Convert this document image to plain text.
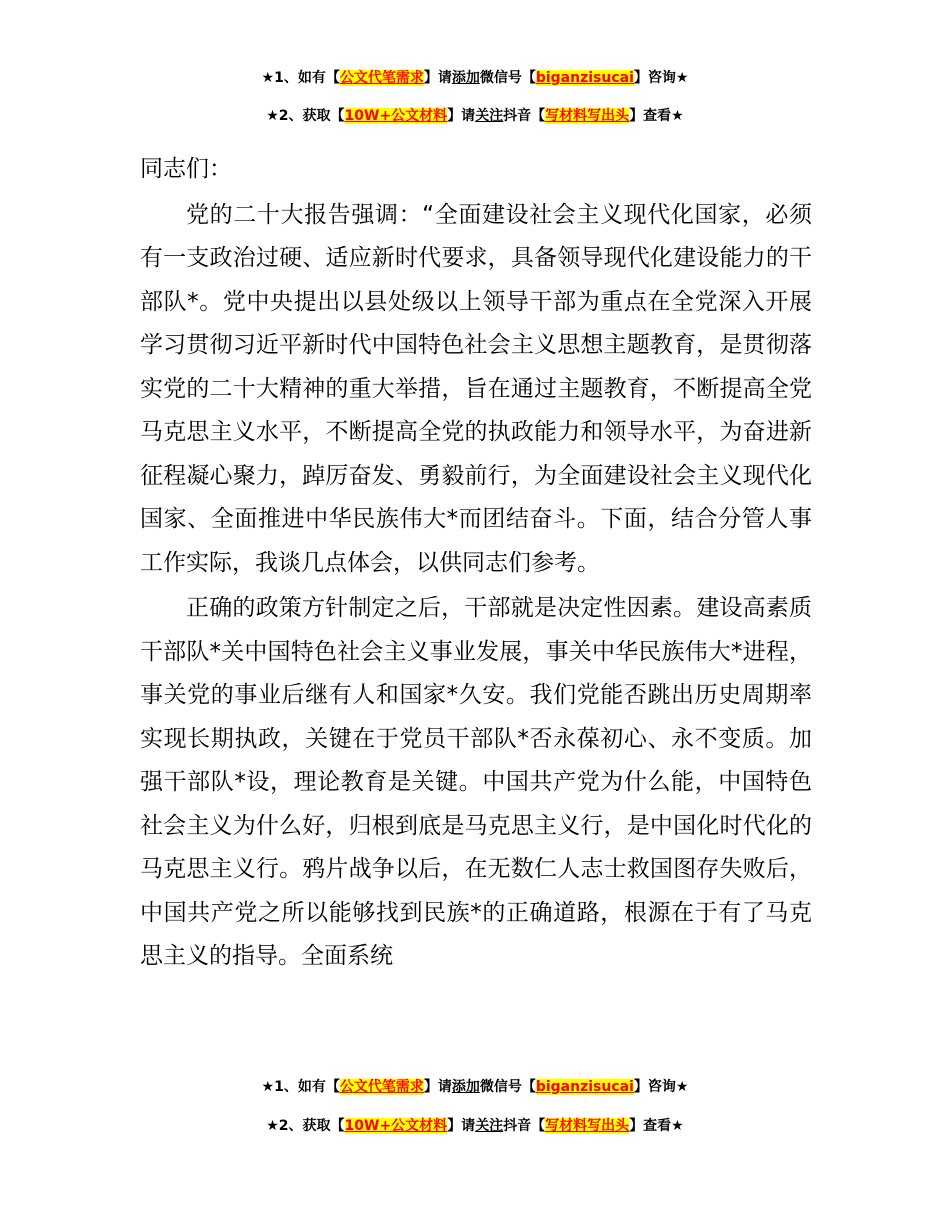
★1、如有【公文代笔需求】请添加微信号【biganzisucai】咨询★
★2、获取【10W+公文材料】请关注抖音【写材料写出头】查看★

同志们：

党的二十大报告强调：“全面建设社会主义现代化国家，必须有一支政治过硬、适应新时代要求，具备领导现代化建设能力的干部队*。党中央提出以县处级以上领导干部为重点在全党深入开展学习贯彻习近平新时代中国特色社会主义思想主题教育，是贯彻落实党的二十大精神的重大举措，旨在通过主题教育，不断提高全党马克思主义水平，不断提高全党的执政能力和领导水平，为奋进新征程凝心聚力，踔厉奋发、勇毅前行，为全面建设社会主义现代化国家、全面推进中华民族伟大*而团结奋斗。下面，结合分管人事工作实际，我谈几点体会，以供同志们参考。

正确的政策方针制定之后，干部就是决定性因素。建设高素质干部队*关中国特色社会主义事业发展，事关中华民族伟大*进程，事关党的事业后继有人和国家*久安。我们党能否跳出历史周期率实现长期执政，关键在于党员干部队*否永葆初心、永不变质。加强干部队*设，理论教育是关键。中国共产党为什么能，中国特色社会主义为什么好，归根到底是马克思主义行，是中国化时代化的马克思主义行。鸦片战争以后，在无数仁人志士救国图存失败后，中国共产党之所以能够找到民族*的正确道路，根源在于有了马克思主义的指导。全面系统

★1、如有【公文代笔需求】请添加微信号【biganzisucai】咨询★
★2、获取【10W+公文材料】请关注抖音【写材料写出头】查看★
